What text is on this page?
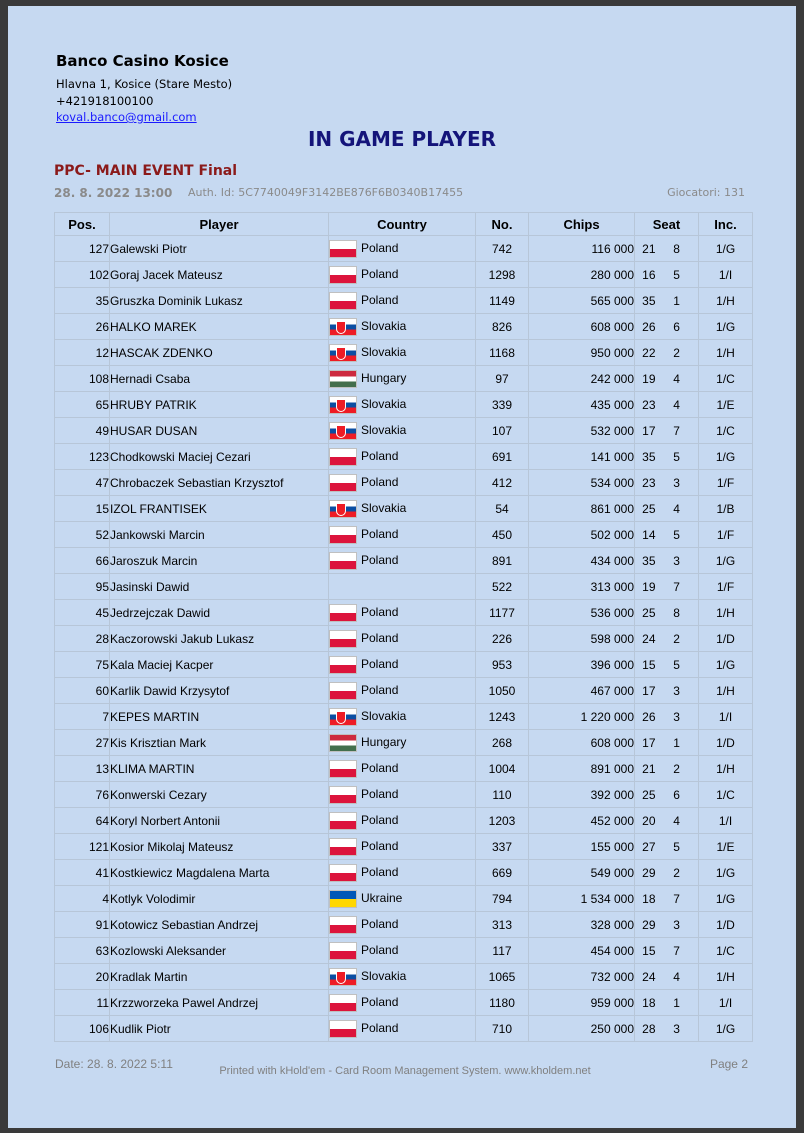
Banco Casino Kosice
Hlavna 1, Kosice (Stare Mesto)
+421918100100
koval.banco@gmail.com
IN GAME PLAYER
PPC- MAIN EVENT Final
28. 8. 2022 13:00 Auth. Id: 5C7740049F3142BE876F6B0340B17455	Giocatori: 131
Pos.	Player	Country	No.	Chips	Seat	Inc.
127	Galewski Piotr	Poland	742	116 000	21 8	1/G
102	Goraj Jacek Mateusz	Poland	1298	280 000	16 5	1/I
35	Gruszka Dominik Lukasz	Poland	1149	565 000	35 1	1/H
26	HALKO MAREK	Slovakia	826	608 000	26 6	1/G
12	HASCAK ZDENKO	Slovakia	1168	950 000	22 2	1/H
108	Hernadi Csaba	Hungary	97	242 000	19 4	1/C
65	HRUBY PATRIK	Slovakia	339	435 000	23 4	1/E
49	HUSAR DUSAN	Slovakia	107	532 000	17 7	1/C
123	Chodkowski Maciej Cezari	Poland	691	141 000	35 5	1/G
47	Chrobaczek Sebastian Krzysztof	Poland	412	534 000	23 3	1/F
15	IZOL FRANTISEK	Slovakia	54	861 000	25 4	1/B
52	Jankowski Marcin	Poland	450	502 000	14 5	1/F
66	Jaroszuk Marcin	Poland	891	434 000	35 3	1/G
95	Jasinski Dawid		522	313 000	19 7	1/F
45	Jedrzejczak Dawid	Poland	1177	536 000	25 8	1/H
28	Kaczorowski Jakub Lukasz	Poland	226	598 000	24 2	1/D
75	Kala Maciej Kacper	Poland	953	396 000	15 5	1/G
60	Karlik Dawid Krzysytof	Poland	1050	467 000	17 3	1/H
7	KEPES MARTIN	Slovakia	1243	1 220 000	26 3	1/I
27	Kis Krisztian Mark	Hungary	268	608 000	17 1	1/D
13	KLIMA MARTIN	Poland	1004	891 000	21 2	1/H
76	Konwerski Cezary	Poland	110	392 000	25 6	1/C
64	Koryl Norbert Antonii	Poland	1203	452 000	20 4	1/I
121	Kosior Mikolaj Mateusz	Poland	337	155 000	27 5	1/E
41	Kostkiewicz Magdalena Marta	Poland	669	549 000	29 2	1/G
4	Kotlyk Volodimir	Ukraine	794	1 534 000	18 7	1/G
91	Kotowicz Sebastian Andrzej	Poland	313	328 000	29 3	1/D
63	Kozlowski Aleksander	Poland	117	454 000	15 7	1/C
20	Kradlak Martin	Slovakia	1065	732 000	24 4	1/H
11	Krzzworzeka Pawel Andrzej	Poland	1180	959 000	18 1	1/I
106	Kudlik Piotr	Poland	710	250 000	28 3	1/G
Date: 28. 8. 2022 5:11	Printed with kHold'em - Card Room Management System. www.kholdem.net	Page 2
